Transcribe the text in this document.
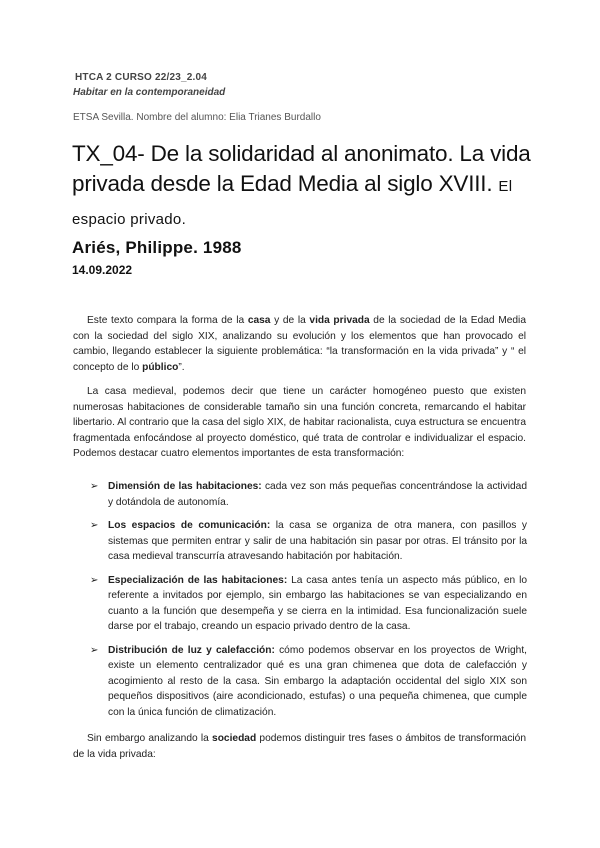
HTCA 2 CURSO 22/23_2.04
Habitar en la contemporaneidad
ETSA Sevilla. Nombre del alumno: Elia Trianes Burdallo
TX_04- De la solidaridad al anonimato. La vida privada desde la Edad Media al siglo XVIII. El espacio privado.
Ariés, Philippe. 1988
14.09.2022

Este texto compara la forma de la casa y de la vida privada de la sociedad de la Edad Media con la sociedad del siglo XIX, analizando su evolución y los elementos que han provocado el cambio, llegando establecer la siguiente problemática: “la transformación en la vida privada” y “ el concepto de lo público”.

La casa medieval, podemos decir que tiene un carácter homogéneo puesto que existen numerosas habitaciones de considerable tamaño sin una función concreta, remarcando el habitar libertario. Al contrario que la casa del siglo XIX, de habitar racionalista, cuya estructura se encuentra fragmentada enfocándose al proyecto doméstico, qué trata de controlar e individualizar el espacio. Podemos destacar cuatro elementos importantes de esta transformación:

➢ Dimensión de las habitaciones: cada vez son más pequeñas concentrándose la actividad y dotándola de autonomía.
➢ Los espacios de comunicación: la casa se organiza de otra manera, con pasillos y sistemas que permiten entrar y salir de una habitación sin pasar por otras. El tránsito por la casa medieval transcurría atravesando habitación por habitación.
➢ Especialización de las habitaciones: La casa antes tenía un aspecto más público, en lo referente a invitados por ejemplo, sin embargo las habitaciones se van especializando en cuanto a la función que desempeña y se cierra en la intimidad. Esa funcionalización suele darse por el trabajo, creando un espacio privado dentro de la casa.
➢ Distribución de luz y calefacción: cómo podemos observar en los proyectos de Wright, existe un elemento centralizador qué es una gran chimenea que dota de calefacción y acogimiento al resto de la casa. Sin embargo la adaptación occidental del siglo XIX son pequeños dispositivos (aire acondicionado, estufas) o una pequeña chimenea, que cumple con la única función de climatización.

Sin embargo analizando la sociedad podemos distinguir tres fases o ámbitos de transformación de la vida privada:
